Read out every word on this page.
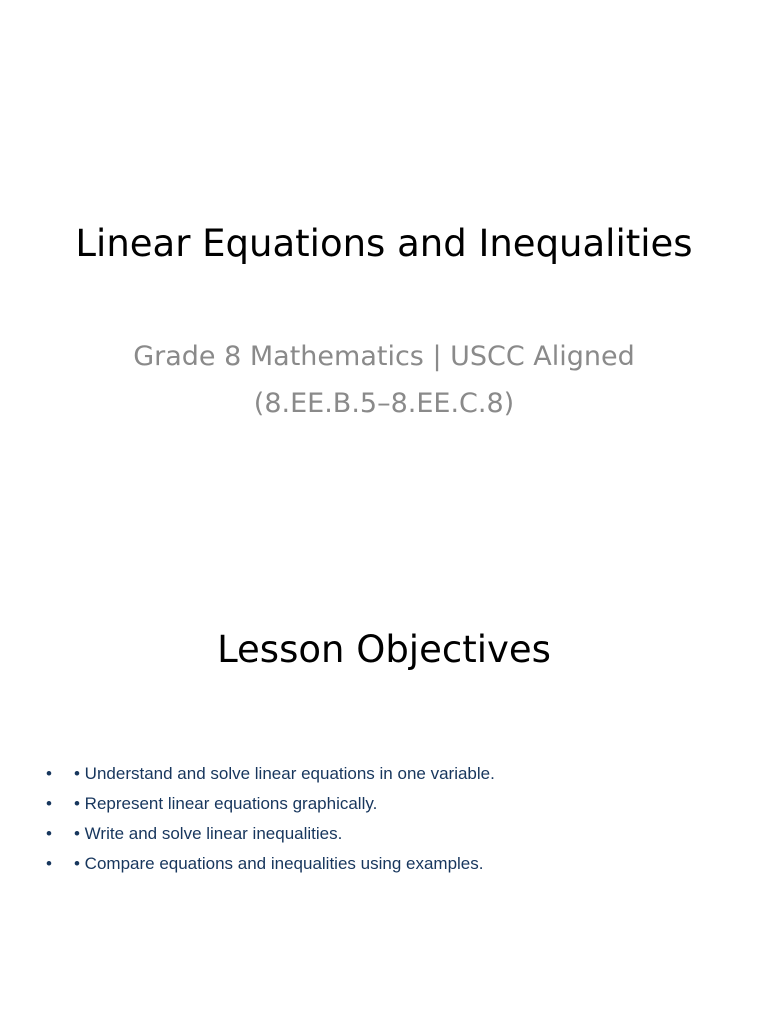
Linear Equations and Inequalities

Grade 8 Mathematics | USCC Aligned
(8.EE.B.5–8.EE.C.8)

Lesson Objectives
• • Understand and solve linear equations in one variable.
• • Represent linear equations graphically.
• • Write and solve linear inequalities.
• • Compare equations and inequalities using examples.
